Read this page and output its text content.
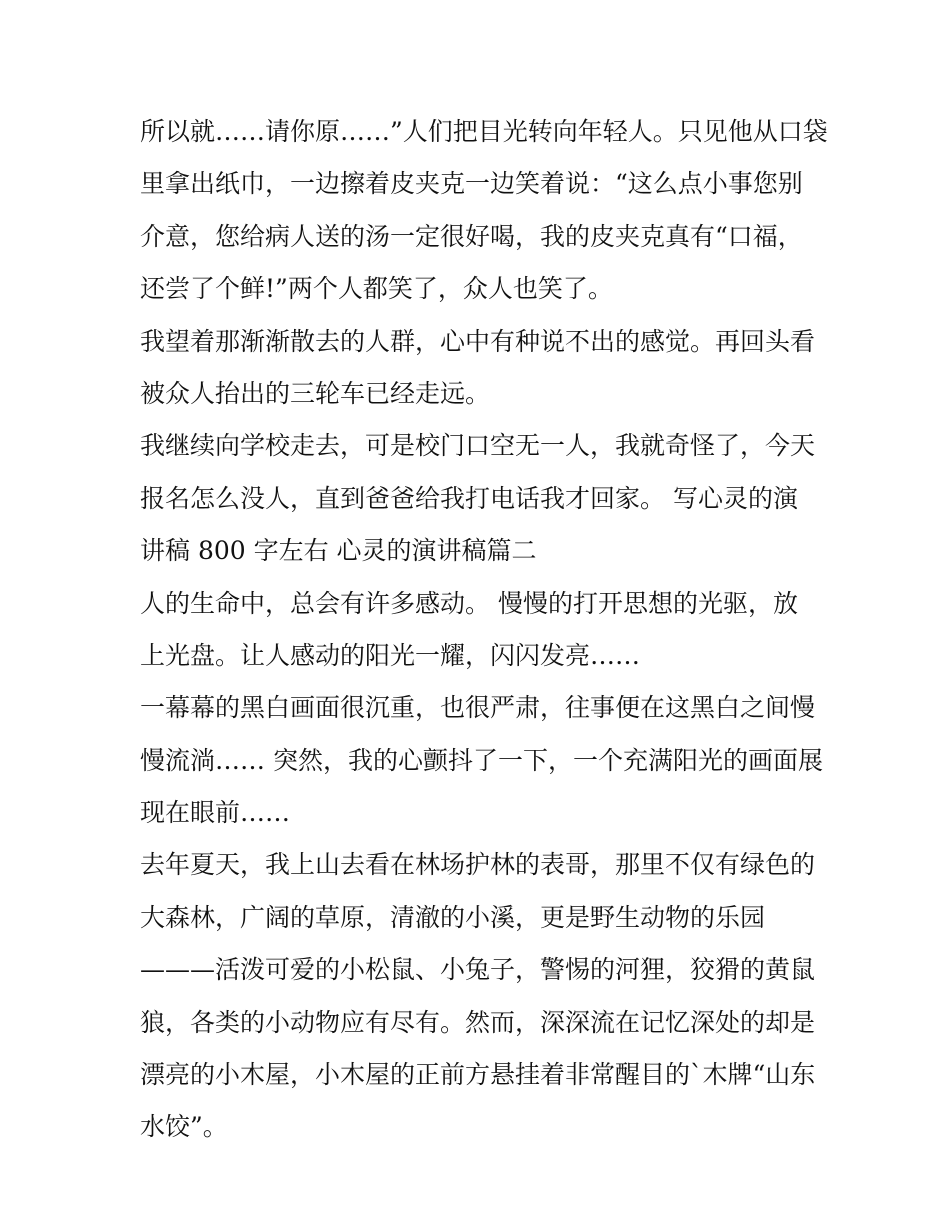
所以就……请你原……”人们把目光转向年轻人。只见他从口袋
里拿出纸巾，一边擦着皮夹克一边笑着说：“这么点小事您别
介意，您给病人送的汤一定很好喝，我的皮夹克真有“口福，
还尝了个鲜!”两个人都笑了，众人也笑了。
我望着那渐渐散去的人群，心中有种说不出的感觉。再回头看
被众人抬出的三轮车已经走远。
我继续向学校走去，可是校门口空无一人，我就奇怪了，今天
报名怎么没人，直到爸爸给我打电话我才回家。 写心灵的演
讲稿 800 字左右 心灵的演讲稿篇二
人的生命中，总会有许多感动。 慢慢的打开思想的光驱，放
上光盘。让人感动的阳光一耀，闪闪发亮……
一幕幕的黑白画面很沉重，也很严肃，往事便在这黑白之间慢
慢流淌…… 突然，我的心颤抖了一下，一个充满阳光的画面展
现在眼前……
去年夏天，我上山去看在林场护林的表哥，那里不仅有绿色的
大森林，广阔的草原，清澈的小溪，更是野生动物的乐园
———活泼可爱的小松鼠、小兔子，警惕的河狸，狡猾的黄鼠
狼，各类的小动物应有尽有。然而，深深流在记忆深处的却是
漂亮的小木屋，小木屋的正前方悬挂着非常醒目的`木牌“山东
水饺”。
